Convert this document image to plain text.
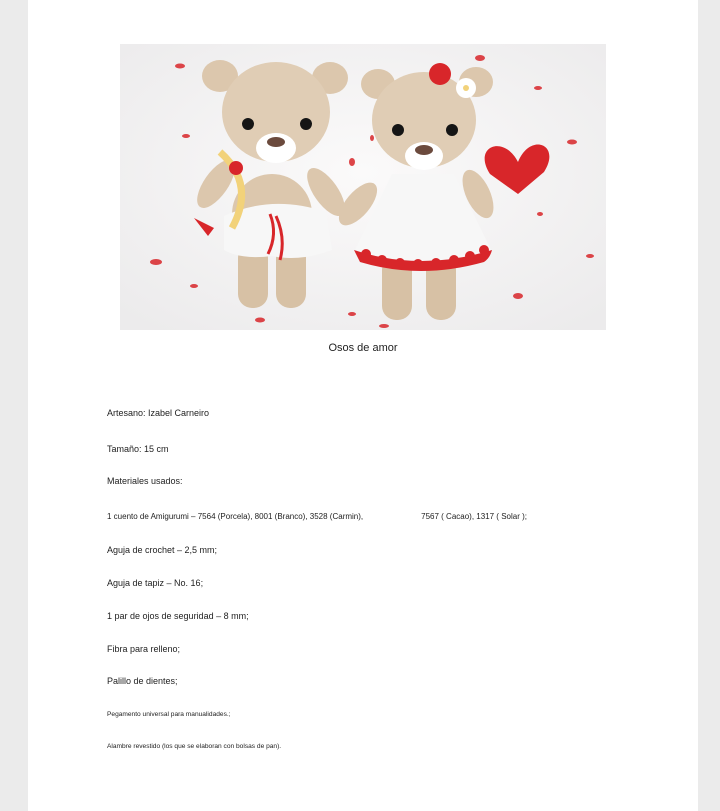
Osos de amor
Artesano: Izabel Carneiro
Tamaño: 15 cm
Materiales usados:
1 cuento de Amigurumi – 7564 (Porcela), 8001 (Branco), 3528 (Carmin),	7567 ( Cacao), 1317 ( Solar );
Aguja de crochet – 2,5 mm;
Aguja de tapiz – No. 16;
1 par de ojos de seguridad – 8 mm;
Fibra para relleno;
Palillo de dientes;
Pegamento universal para manualidades.;
Alambre revestido (los que se elaboran con bolsas de pan).
